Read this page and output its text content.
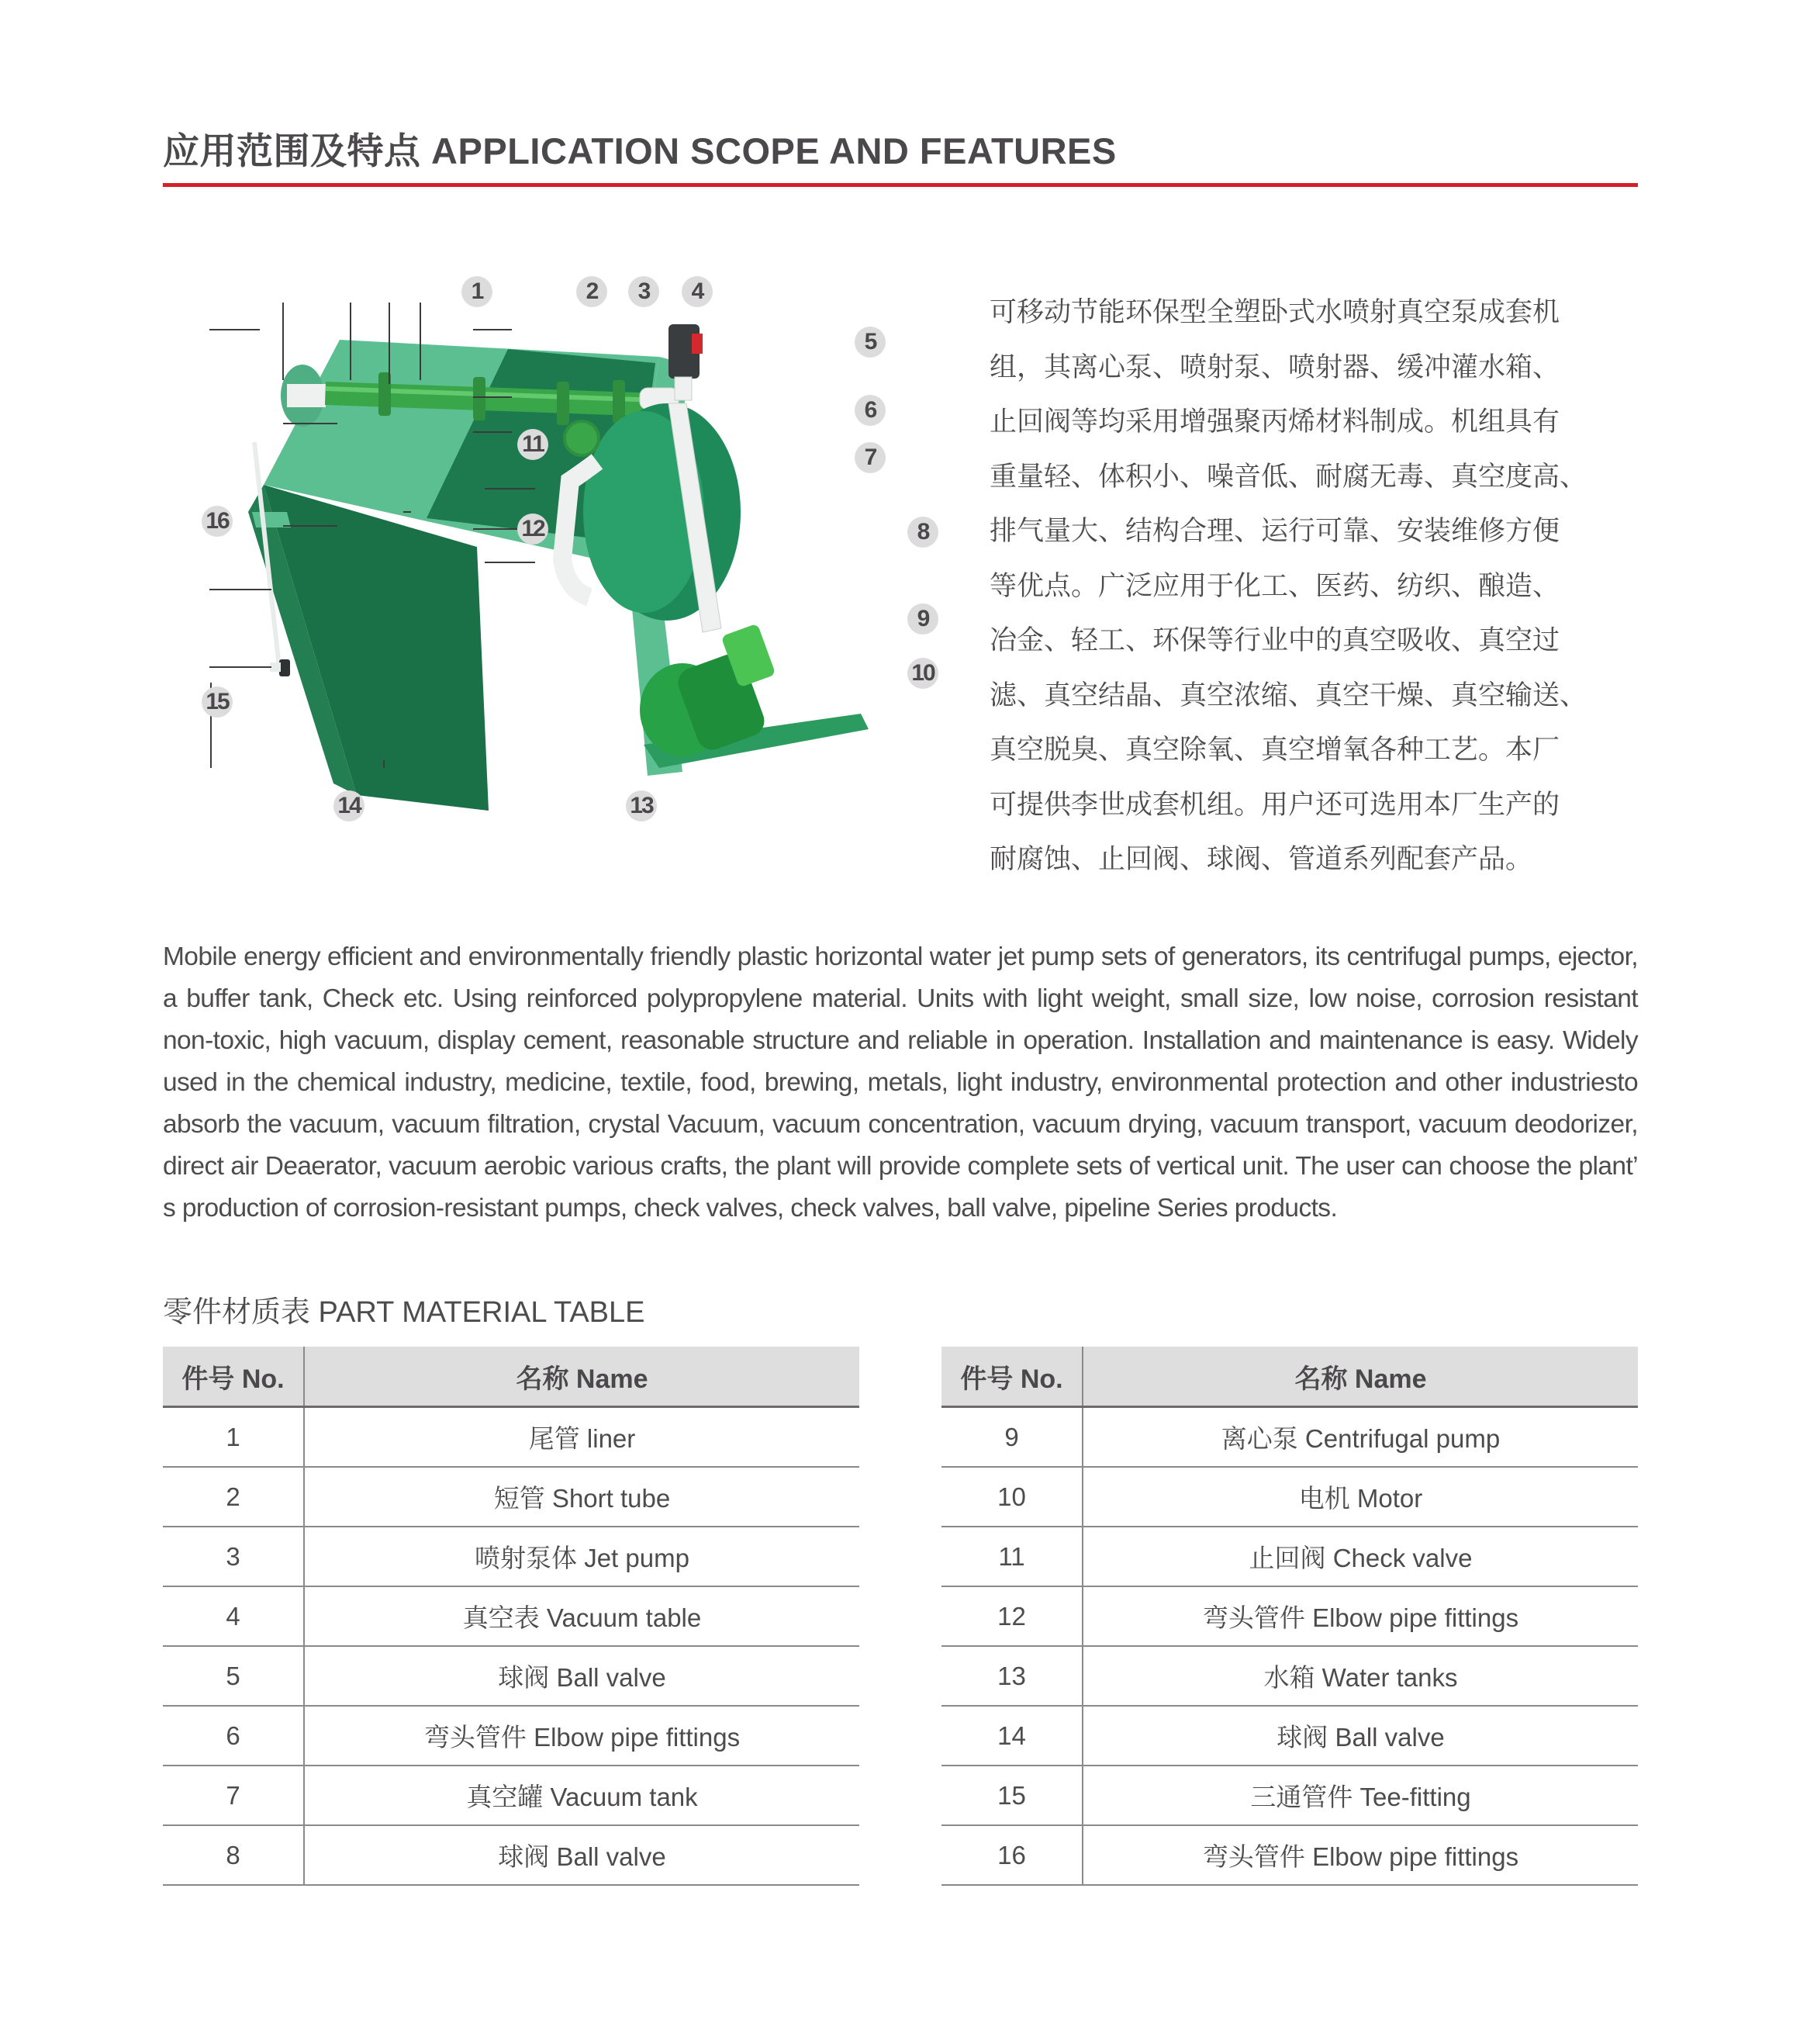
应用范围及特点 APPLICATION SCOPE AND FEATURES
1	2	3	4
5
6
7
8
9
10
11
12
13
14
15
16

可移动节能环保型全塑卧式水喷射真空泵成套机

组，其离心泵、喷射泵、喷射器、缓冲灌水箱、

止回阀等均采用增强聚丙烯材料制成。机组具有

重量轻、体积小、噪音低、耐腐无毒、真空度高、

排气量大、结构合理、运行可靠、安装维修方便

等优点。广泛应用于化工、医药、纺织、酿造、

冶金、轻工、环保等行业中的真空吸收、真空过

滤、真空结晶、真空浓缩、真空干燥、真空输送、

真空脱臭、真空除氧、真空增氧各种工艺。本厂

可提供李世成套机组。用户还可选用本厂生产的

耐腐蚀、止回阀、球阀、管道系列配套产品。

Mobile energy efficient and environmentally friendly plastic horizontal water jet pump sets of generators, its centrifugal pumps, ejector, a buffer tank, Check etc. Using reinforced polypropylene material. Units with light weight, small size, low noise, corrosion resistant non-toxic, high vacuum, display cement, reasonable structure and reliable in operation. Installation and maintenance is easy. Widely used in the chemical industry, medicine, textile, food, brewing, metals, light industry, environmental protection and other industriesto absorb the vacuum, vacuum filtration, crystal Vacuum, vacuum concentration, vacuum drying, vacuum transport, vacuum deodorizer, direct air Deaerator, vacuum aerobic various crafts, the plant will provide complete sets of vertical unit. The user can choose the plant’ s production of corrosion-resistant pumps, check valves, check valves, ball valve, pipeline Series products.
零件材质表 PART MATERIAL TABLE
件号 No.	名称 Name
1	尾管 liner
2	短管 Short tube
3	喷射泵体 Jet pump
4	真空表 Vacuum table
5	球阀 Ball valve
6	弯头管件 Elbow pipe fittings
7	真空罐 Vacuum tank
8	球阀 Ball valve
件号 No.	名称 Name
9	离心泵 Centrifugal pump
10	电机 Motor
11	止回阀 Check valve
12	弯头管件 Elbow pipe fittings
13	水箱 Water tanks
14	球阀 Ball valve
15	三通管件 Tee-fitting
16	弯头管件 Elbow pipe fittings
